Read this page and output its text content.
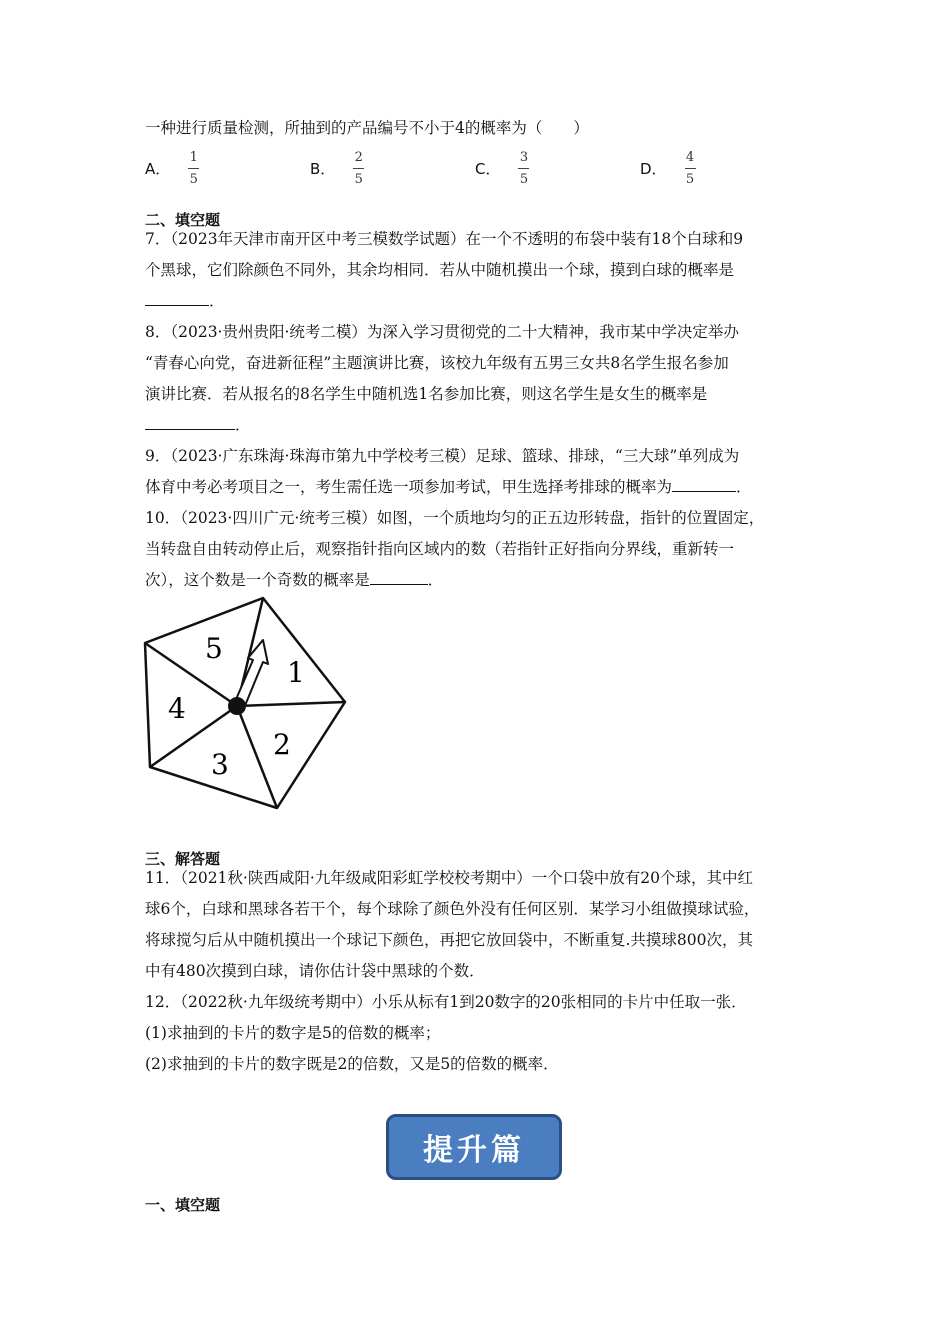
一种进行质量检测，所抽到的产品编号不小于4的概率为（　　）
A． $\frac{1}{5}$	B． $\frac{2}{5}$	C． $\frac{3}{5}$	D． $\frac{4}{5}$
二、填空题
7．（2023年天津市南开区中考三模数学试题）在一个不透明的布袋中装有18个白球和9
个黑球，它们除颜色不同外，其余均相同．若从中随机摸出一个球，摸到白球的概率是
．
8．（2023·贵州贵阳·统考二模）为深入学习贯彻党的二十大精神，我市某中学决定举办
“青春心向党，奋进新征程”主题演讲比赛，该校九年级有五男三女共8名学生报名参加
演讲比赛．若从报名的8名学生中随机选1名参加比赛，则这名学生是女生的概率是
．
9．（2023·广东珠海·珠海市第九中学校考三模）足球、篮球、排球，“三大球”单列成为
体育中考必考项目之一，考生需任选一项参加考试，甲生选择考排球的概率为	．
10．（2023·四川广元·统考三模）如图，一个质地均匀的正五边形转盘，指针的位置固定，
当转盘自由转动停止后，观察指针指向区域内的数（若指针正好指向分界线，重新转一
次），这个数是一个奇数的概率是	．
1
2
3
4
5
三、解答题
11．（2021秋·陕西咸阳·九年级咸阳彩虹学校校考期中）一个口袋中放有20个球，其中红
球6个，白球和黑球各若干个，每个球除了颜色外没有任何区别．某学习小组做摸球试验，
将球搅匀后从中随机摸出一个球记下颜色，再把它放回袋中，不断重复.共摸球800次，其
中有480次摸到白球，请你估计袋中黑球的个数．
12．（2022秋·九年级统考期中）小乐从标有1到20数字的20张相同的卡片中任取一张．
(1)求抽到的卡片的数字是5的倍数的概率；
(2)求抽到的卡片的数字既是2的倍数，又是5的倍数的概率．
提升篇
一、填空题
